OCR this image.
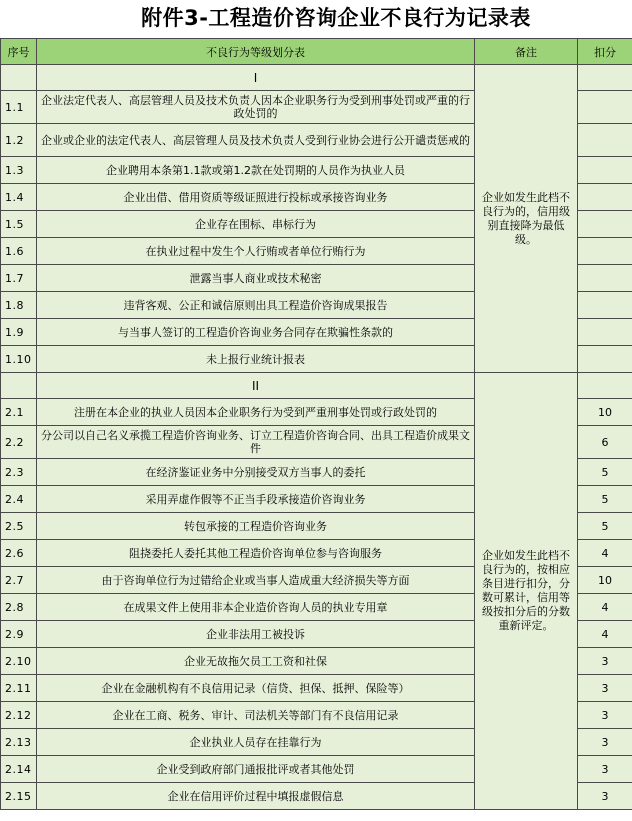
附件3-工程造价咨询企业不良行为记录表
序号	不良行为等级划分表	备注	扣分
	I	企业如发生此档不良行为的，信用级别直接降为最低级。	
1.1	企业法定代表人、高层管理人员及技术负责人因本企业职务行为受到刑事处罚或严重的行政处罚的		
1.2	企业或企业的法定代表人、高层管理人员及技术负责人受到行业协会进行公开谴责惩戒的		
1.3	企业聘用本条第1.1款或第1.2款在处罚期的人员作为执业人员		
1.4	企业出借、借用资质等级证照进行投标或承接咨询业务		
1.5	企业存在围标、串标行为		
1.6	在执业过程中发生个人行贿或者单位行贿行为		
1.7	泄露当事人商业或技术秘密		
1.8	违背客观、公正和诚信原则出具工程造价咨询成果报告		
1.9	与当事人签订的工程造价咨询业务合同存在欺骗性条款的		
1.10	未上报行业统计报表		
	II	企业如发生此档不良行为的，按相应条目进行扣分，分数可累计，信用等级按扣分后的分数重新评定。	
2.1	注册在本企业的执业人员因本企业职务行为受到严重刑事处罚或行政处罚的		10
2.2	分公司以自己名义承揽工程造价咨询业务、订立工程造价咨询合同、出具工程造价成果文件		6
2.3	在经济鉴证业务中分别接受双方当事人的委托		5
2.4	采用弄虚作假等不正当手段承接造价咨询业务		5
2.5	转包承接的工程造价咨询业务		5
2.6	阻挠委托人委托其他工程造价咨询单位参与咨询服务		4
2.7	由于咨询单位行为过错给企业或当事人造成重大经济损失等方面		10
2.8	在成果文件上使用非本企业造价咨询人员的执业专用章		4
2.9	企业非法用工被投诉		4
2.10	企业无故拖欠员工工资和社保		3
2.11	企业在金融机构有不良信用记录（信贷、担保、抵押、保险等）		3
2.12	企业在工商、税务、审计、司法机关等部门有不良信用记录		3
2.13	企业执业人员存在挂靠行为		3
2.14	企业受到政府部门通报批评或者其他处罚		3
2.15	企业在信用评价过程中填报虚假信息		3
